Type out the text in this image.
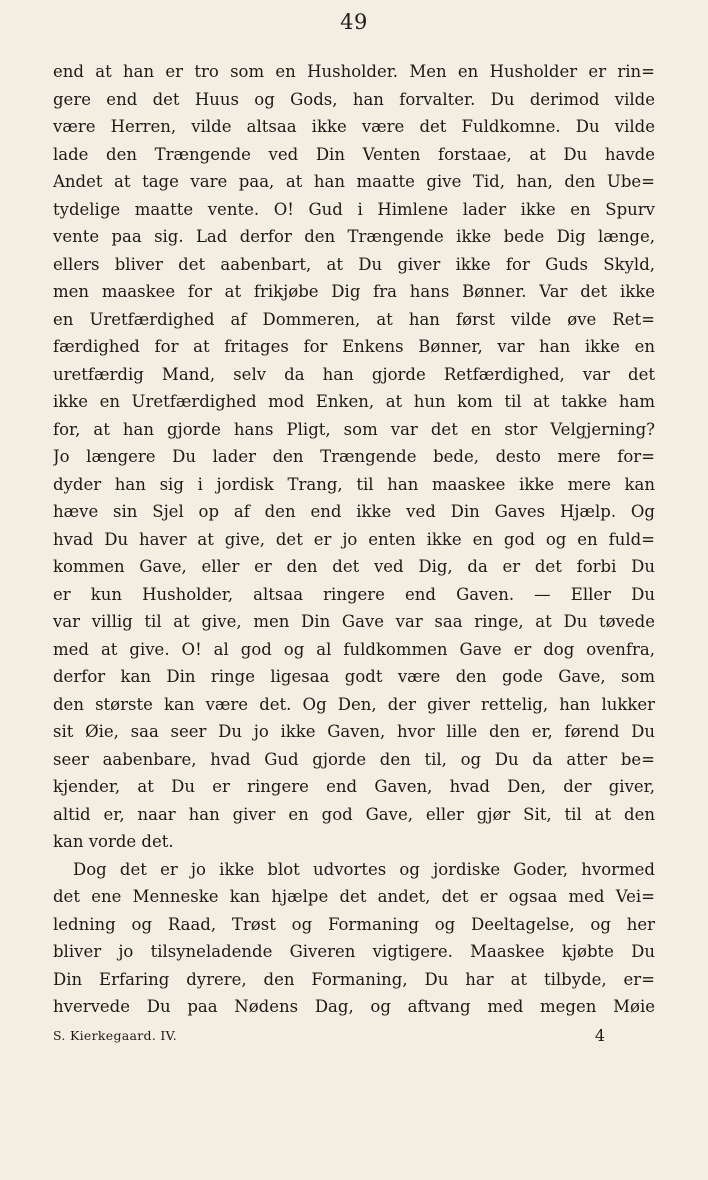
49
end at han er tro som en Husholder. Men en Husholder er rin=
gere end det Huus og Gods, han forvalter. Du derimod vilde
være Herren, vilde altsaa ikke være det Fuldkomne. Du vilde
lade den Trængende ved Din Venten forstaae, at Du havde
Andet at tage vare paa, at han maatte give Tid, han, den Ube=
tydelige maatte vente. O! Gud i Himlene lader ikke en Spurv
vente paa sig. Lad derfor den Trængende ikke bede Dig længe,
ellers bliver det aabenbart, at Du giver ikke for Guds Skyld,
men maaskee for at frikjøbe Dig fra hans Bønner. Var det ikke
en Uretfærdighed af Dommeren, at han først vilde øve Ret=
færdighed for at fritages for Enkens Bønner, var han ikke en
uretfærdig Mand, selv da han gjorde Retfærdighed, var det
ikke en Uretfærdighed mod Enken, at hun kom til at takke ham
for, at han gjorde hans Pligt, som var det en stor Velgjerning?
Jo længere Du lader den Trængende bede, desto mere for=
dyder han sig i jordisk Trang, til han maaskee ikke mere kan
hæve sin Sjel op af den end ikke ved Din Gaves Hjælp. Og
hvad Du haver at give, det er jo enten ikke en god og en fuld=
kommen Gave, eller er den det ved Dig, da er det forbi Du
er kun Husholder, altsaa ringere end Gaven. — Eller Du
var villig til at give, men Din Gave var saa ringe, at Du tøvede
med at give. O! al god og al fuldkommen Gave er dog ovenfra,
derfor kan Din ringe ligesaa godt være den gode Gave, som
den største kan være det. Og Den, der giver rettelig, han lukker
sit Øie, saa seer Du jo ikke Gaven, hvor lille den er, førend Du
seer aabenbare, hvad Gud gjorde den til, og Du da atter be=
kjender, at Du er ringere end Gaven, hvad Den, der giver,
altid er, naar han giver en god Gave, eller gjør Sit, til at den
kan vorde det.
Dog det er jo ikke blot udvortes og jordiske Goder, hvormed
det ene Menneske kan hjælpe det andet, det er ogsaa med Vei=
ledning og Raad, Trøst og Formaning og Deeltagelse, og her
bliver jo tilsyneladende Giveren vigtigere. Maaskee kjøbte Du
Din Erfaring dyrere, den Formaning, Du har at tilbyde, er=
hvervede Du paa Nødens Dag, og aftvang med megen Møie
S. Kierkegaard. IV.	4
